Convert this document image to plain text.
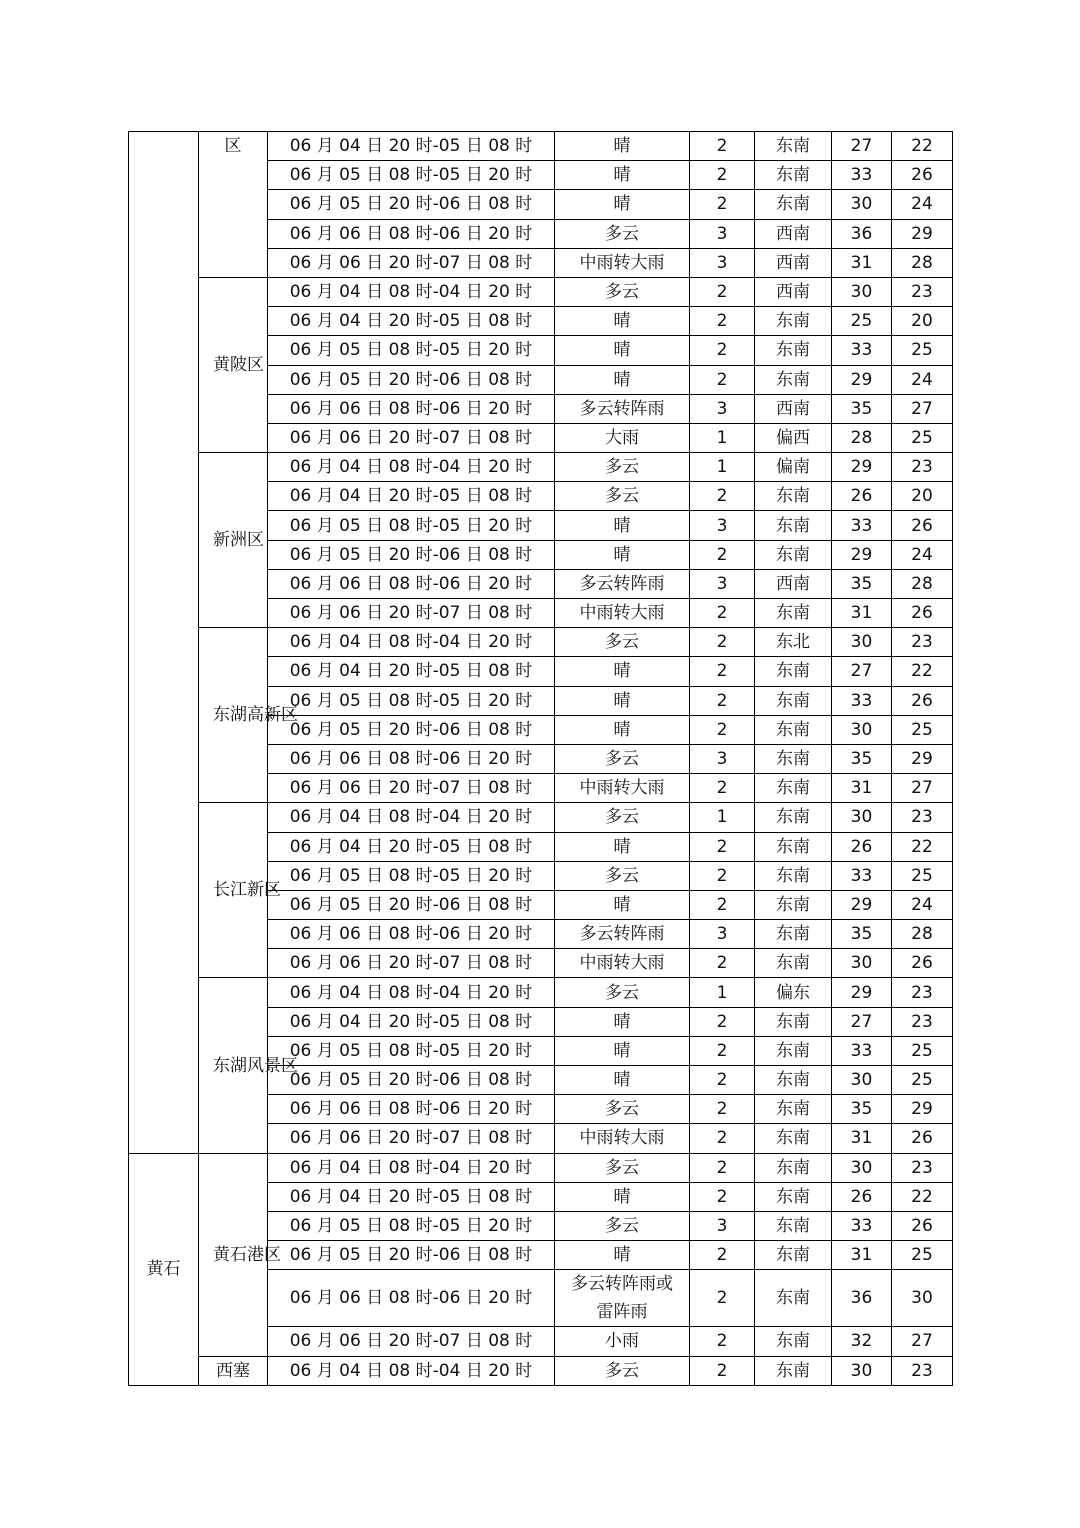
	区	06 月 04 日 20 时-05 日 08 时	晴	2	东南	27	22
		06 月 05 日 08 时-05 日 20 时	晴	2	东南	33	26
		06 月 05 日 20 时-06 日 08 时	晴	2	东南	30	24
		06 月 06 日 08 时-06 日 20 时	多云	3	西南	36	29
		06 月 06 日 20 时-07 日 08 时	中雨转大雨	3	西南	31	28
	黄陂区	06 月 04 日 08 时-04 日 20 时	多云	2	西南	30	23
		06 月 04 日 20 时-05 日 08 时	晴	2	东南	25	20
		06 月 05 日 08 时-05 日 20 时	晴	2	东南	33	25
		06 月 05 日 20 时-06 日 08 时	晴	2	东南	29	24
		06 月 06 日 08 时-06 日 20 时	多云转阵雨	3	西南	35	27
		06 月 06 日 20 时-07 日 08 时	大雨	1	偏西	28	25
	新洲区	06 月 04 日 08 时-04 日 20 时	多云	1	偏南	29	23
		06 月 04 日 20 时-05 日 08 时	多云	2	东南	26	20
		06 月 05 日 08 时-05 日 20 时	晴	3	东南	33	26
		06 月 05 日 20 时-06 日 08 时	晴	2	东南	29	24
		06 月 06 日 08 时-06 日 20 时	多云转阵雨	3	西南	35	28
		06 月 06 日 20 时-07 日 08 时	中雨转大雨	2	东南	31	26
	东湖高新区	06 月 04 日 08 时-04 日 20 时	多云	2	东北	30	23
		06 月 04 日 20 时-05 日 08 时	晴	2	东南	27	22
		06 月 05 日 08 时-05 日 20 时	晴	2	东南	33	26
		06 月 05 日 20 时-06 日 08 时	晴	2	东南	30	25
		06 月 06 日 08 时-06 日 20 时	多云	3	东南	35	29
		06 月 06 日 20 时-07 日 08 时	中雨转大雨	2	东南	31	27
	长江新区	06 月 04 日 08 时-04 日 20 时	多云	1	东南	30	23
		06 月 04 日 20 时-05 日 08 时	晴	2	东南	26	22
		06 月 05 日 08 时-05 日 20 时	多云	2	东南	33	25
		06 月 05 日 20 时-06 日 08 时	晴	2	东南	29	24
		06 月 06 日 08 时-06 日 20 时	多云转阵雨	3	东南	35	28
		06 月 06 日 20 时-07 日 08 时	中雨转大雨	2	东南	30	26
	东湖风景区	06 月 04 日 08 时-04 日 20 时	多云	1	偏东	29	23
		06 月 04 日 20 时-05 日 08 时	晴	2	东南	27	23
		06 月 05 日 08 时-05 日 20 时	晴	2	东南	33	25
		06 月 05 日 20 时-06 日 08 时	晴	2	东南	30	25
		06 月 06 日 08 时-06 日 20 时	多云	2	东南	35	29
		06 月 06 日 20 时-07 日 08 时	中雨转大雨	2	东南	31	26
黄石	黄石港区	06 月 04 日 08 时-04 日 20 时	多云	2	东南	30	23
		06 月 04 日 20 时-05 日 08 时	晴	2	东南	26	22
		06 月 05 日 08 时-05 日 20 时	多云	3	东南	33	26
		06 月 05 日 20 时-06 日 08 时	晴	2	东南	31	25
		06 月 06 日 08 时-06 日 20 时	多云转阵雨或
雷阵雨	2	东南	36	30
		06 月 06 日 20 时-07 日 08 时	小雨	2	东南	32	27
	西塞	06 月 04 日 08 时-04 日 20 时	多云	2	东南	30	23
